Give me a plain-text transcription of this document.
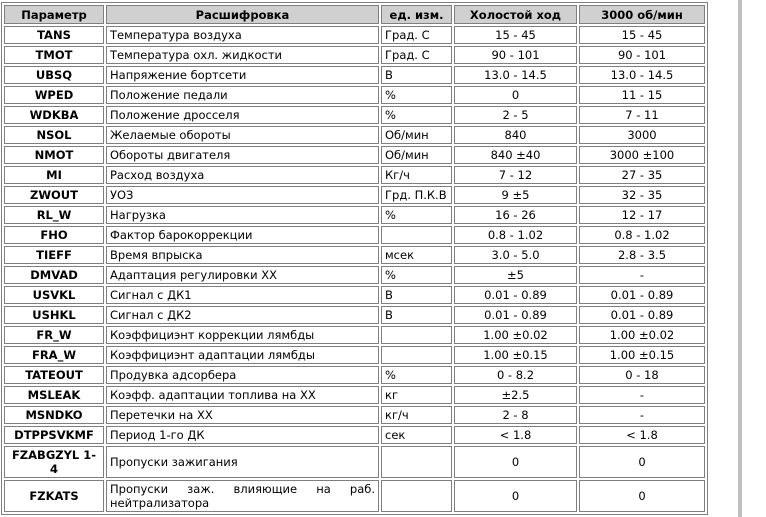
Параметр	Расшифровка	ед. изм.	Холостой ход	3000 об/мин
TANS	Температура воздуха	Град. С	15 - 45	15 - 45
TMOT	Температура охл. жидкости	Град. С	90 - 101	90 - 101
UBSQ	Напряжение бортсети	В	13.0 - 14.5	13.0 - 14.5
WPED	Положение педали	%	0	11 - 15
WDKBA	Положение дросселя	%	2 - 5	7 - 11
NSOL	Желаемые обороты	Об/мин	840	3000
NMOT	Обороты двигателя	Об/мин	840 ±40	3000 ±100
MI	Расход воздуха	Кг/ч	7 - 12	27 - 35
ZWOUT	УОЗ	Грд. П.К.В	9 ±5	32 - 35
RL_W	Нагрузка	%	16 - 26	12 - 17
FHO	Фактор барокоррекции		0.8 - 1.02	0.8 - 1.02
TIEFF	Время впрыска	мсек	3.0 - 5.0	2.8 - 3.5
DMVAD	Адаптация регулировки ХХ	%	±5	-
USVKL	Сигнал с ДК1	В	0.01 - 0.89	0.01 - 0.89
USHKL	Сигнал с ДК2	В	0.01 - 0.89	0.01 - 0.89
FR_W	Коэффициэнт коррекции лямбды		1.00 ±0.02	1.00 ±0.02
FRA_W	Коэффициэнт адаптации лямбды		1.00 ±0.15	1.00 ±0.15
TATEOUT	Продувка адсорбера	%	0 - 8.2	0 - 18
MSLEAK	Коэфф. адаптации топлива на ХХ	кг	±2.5	-
MSNDKO	Перетечки на ХХ	кг/ч	2 - 8	-
DTPPSVKMF	Период 1-го ДК	сек	< 1.8	< 1.8
FZABGZYL 1-4	Пропуски зажигания		0	0
FZKATS	Пропуски заж. влияющие на раб. нейтрализатора		0	0
